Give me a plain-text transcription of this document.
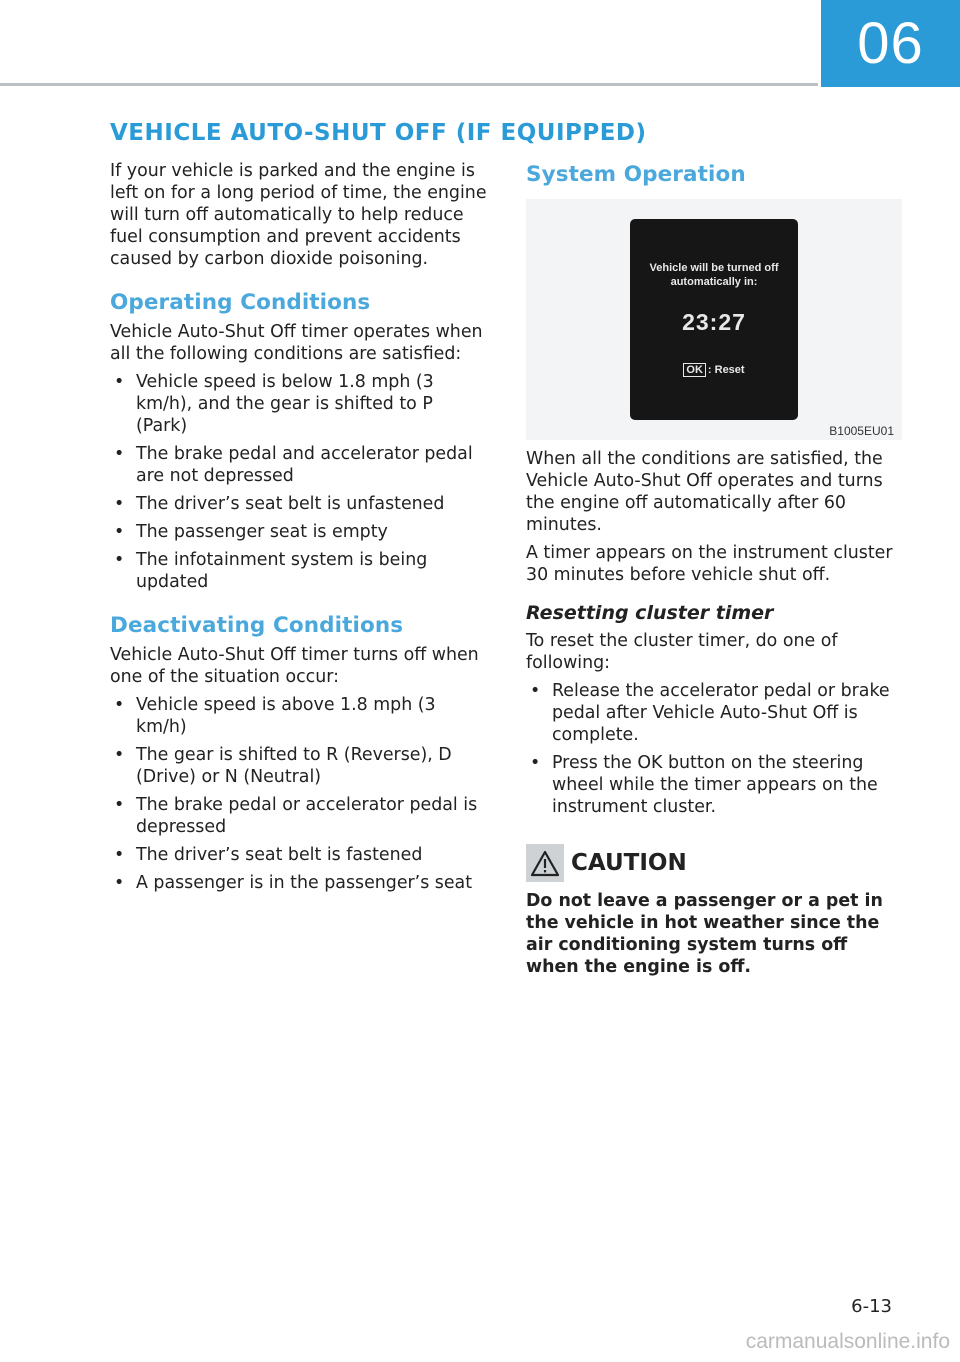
06
VEHICLE AUTO-SHUT OFF (IF EQUIPPED)

If your vehicle is parked and the engine is left on for a long period of time, the engine will turn off automatically to help reduce fuel consumption and prevent accidents caused by carbon dioxide poisoning.

Operating Conditions

Vehicle Auto-Shut Off timer operates when all the following conditions are satisfied:

• Vehicle speed is below 1.8 mph (3 km/h), and the gear is shifted to P (Park)
• The brake pedal and accelerator pedal are not depressed
• The driver’s seat belt is unfastened
• The passenger seat is empty
• The infotainment system is being updated
Deactivating Conditions

Vehicle Auto-Shut Off timer turns off when one of the situation occur:

• Vehicle speed is above 1.8 mph (3 km/h)
• The gear is shifted to R (Reverse), D (Drive) or N (Neutral)
• The brake pedal or accelerator pedal is depressed
• The driver’s seat belt is fastened
• A passenger is in the passenger’s seat
System Operation
Vehicle will be turned off
automatically in:
23:27
OK : Reset
B1005EU01

When all the conditions are satisfied, the Vehicle Auto-Shut Off operates and turns the engine off automatically after 60 minutes.

A timer appears on the instrument cluster 30 minutes before vehicle shut off.

Resetting cluster timer

To reset the cluster timer, do one of following:

• Release the accelerator pedal or brake pedal after Vehicle Auto-Shut Off is complete.
• Press the OK button on the steering wheel while the timer appears on the instrument cluster.
CAUTION

Do not leave a passenger or a pet in the vehicle in hot weather since the air conditioning system turns off when the engine is off.

6-13
carmanualsonline.info
